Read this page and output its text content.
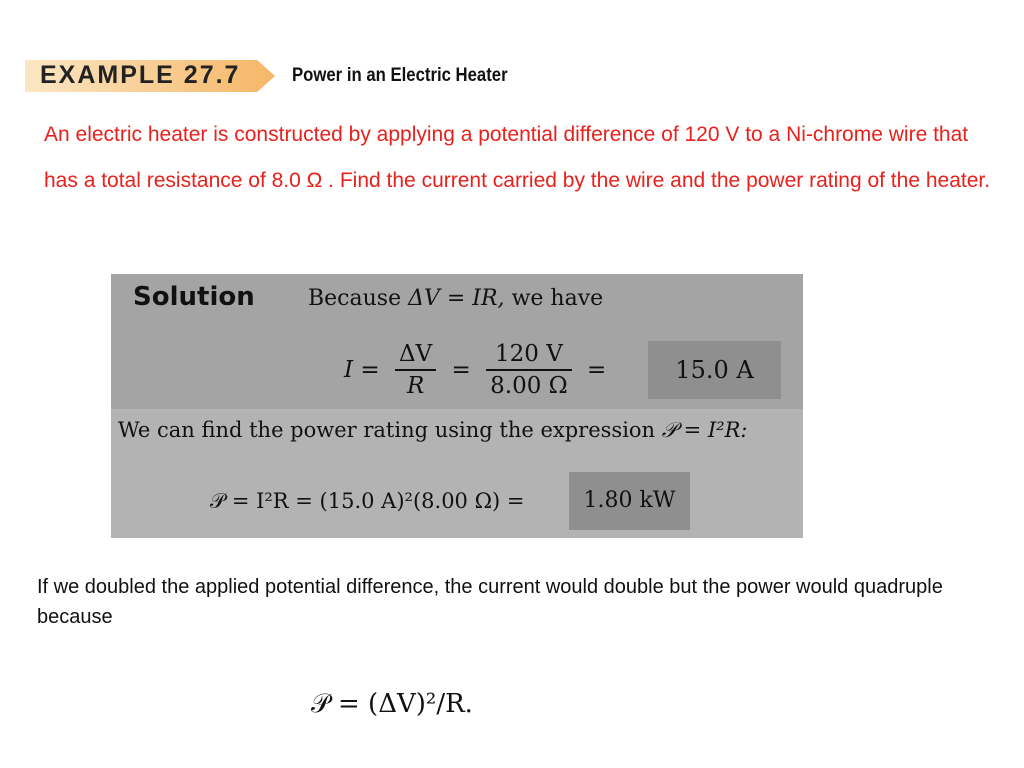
EXAMPLE 27.7	Power in an Electric Heater
An electric heater is constructed by applying a potential difference of 120 V to a Ni-chrome wire that has a total resistance of 8.0 Ω . Find the current carried by the wire and the power rating of the heater.
Solution Because ΔV = IR, we have
$I = \frac{\Delta V}{R} = \frac{120 V}{8.00 \Omega}$ =	15.0 A
We can find the power rating using the expression 𝒫 = I²R:
𝒫 = I²R = (15.0 A)²(8.00 Ω) =	1.80 kW
If we doubled the applied potential difference, the current would double but the power would quadruple because
𝒫 = (ΔV)²/R.
